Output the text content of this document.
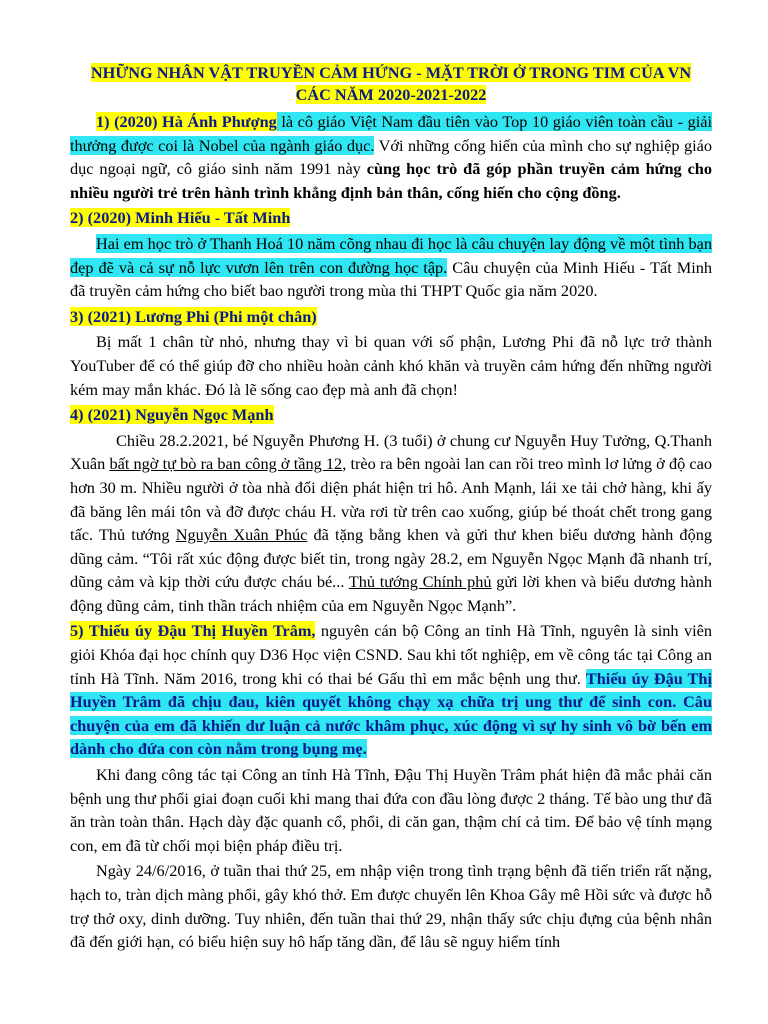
NHỮNG NHÂN VẬT TRUYỀN CẢM HỨNG - MẶT TRỜI Ở TRONG TIM CỦA VN
CÁC NĂM 2020-2021-2022

1) (2020) Hà Ánh Phượng là cô giáo Việt Nam đầu tiên vào Top 10 giáo viên toàn cầu - giải thưởng được coi là Nobel của ngành giáo dục. Với những cống hiến của mình cho sự nghiệp giáo dục ngoại ngữ, cô giáo sinh năm 1991 này cùng học trò đã góp phần truyền cảm hứng cho nhiều người trẻ trên hành trình khẳng định bản thân, cống hiến cho cộng đồng.

2) (2020) Minh Hiếu - Tất Minh

Hai em học trò ở Thanh Hoá 10 năm cõng nhau đi học là câu chuyện lay động về một tình bạn đẹp đẽ và cả sự nỗ lực vươn lên trên con đường học tập. Câu chuyện của Minh Hiếu - Tất Minh đã truyền cảm hứng cho biết bao người trong mùa thi THPT Quốc gia năm 2020.

3) (2021) Lương Phi (Phi một chân)

Bị mất 1 chân từ nhỏ, nhưng thay vì bi quan với số phận, Lương Phi đã nỗ lực trở thành YouTuber để có thể giúp đỡ cho nhiều hoàn cảnh khó khăn và truyền cảm hứng đến những người kém may mắn khác. Đó là lẽ sống cao đẹp mà anh đã chọn!

4) (2021) Nguyễn Ngọc Mạnh

Chiều 28.2.2021, bé Nguyễn Phương H. (3 tuổi) ở chung cư Nguyễn Huy Tưởng, Q.Thanh Xuân bất ngờ tự bò ra ban công ở tầng 12, trèo ra bên ngoài lan can rồi treo mình lơ lửng ở độ cao hơn 30 m. Nhiều người ở tòa nhà đối diện phát hiện tri hô. Anh Mạnh, lái xe tải chở hàng, khi ấy đã băng lên mái tôn và đỡ được cháu H. vừa rơi từ trên cao xuống, giúp bé thoát chết trong gang tấc. Thủ tướng Nguyễn Xuân Phúc đã tặng bằng khen và gửi thư khen biểu dương hành động dũng cảm. “Tôi rất xúc động được biết tin, trong ngày 28.2, em Nguyễn Ngọc Mạnh đã nhanh trí, dũng cảm và kịp thời cứu được cháu bé... Thủ tướng Chính phủ gửi lời khen và biểu dương hành động dũng cảm, tinh thần trách nhiệm của em Nguyễn Ngọc Mạnh”.

5) Thiếu úy Đậu Thị Huyền Trâm, nguyên cán bộ Công an tỉnh Hà Tĩnh, nguyên là sinh viên giỏi Khóa đại học chính quy D36 Học viện CSND. Sau khi tốt nghiệp, em về công tác tại Công an tỉnh Hà Tĩnh. Năm 2016, trong khi có thai bé Gấu thì em mắc bệnh ung thư. Thiếu úy Đậu Thị Huyền Trâm đã chịu đau, kiên quyết không chạy xạ chữa trị ung thư để sinh con. Câu chuyện của em đã khiến dư luận cả nước khâm phục, xúc động vì sự hy sinh vô bờ bến em dành cho đứa con còn nằm trong bụng mẹ.

Khi đang công tác tại Công an tỉnh Hà Tĩnh, Đậu Thị Huyền Trâm phát hiện đã mắc phải căn bệnh ung thư phổi giai đoạn cuối khi mang thai đứa con đầu lòng được 2 tháng. Tế bào ung thư đã ăn tràn toàn thân. Hạch dày đặc quanh cổ, phổi, di căn gan, thậm chí cả tim. Để bảo vệ tính mạng con, em đã từ chối mọi biện pháp điều trị.

Ngày 24/6/2016, ở tuần thai thứ 25, em nhập viện trong tình trạng bệnh đã tiến triển rất nặng, hạch to, tràn dịch màng phổi, gây khó thở. Em được chuyển lên Khoa Gây mê Hồi sức và được hỗ trợ thở oxy, dinh dưỡng. Tuy nhiên, đến tuần thai thứ 29, nhận thấy sức chịu đựng của bệnh nhân đã đến giới hạn, có biểu hiện suy hô hấp tăng dần, để lâu sẽ nguy hiểm tính
